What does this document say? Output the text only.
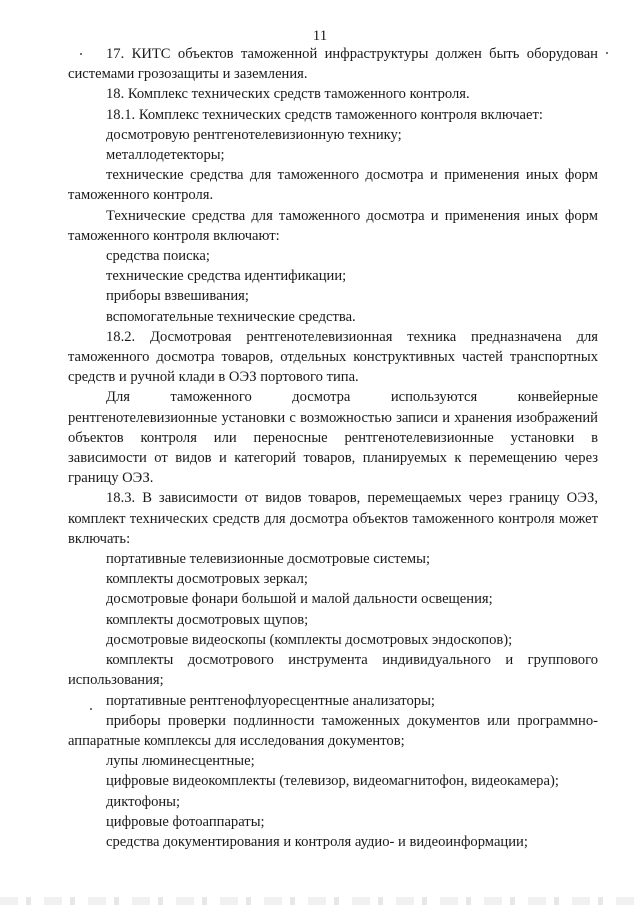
11

17. КИТС объектов таможенной инфраструктуры должен быть оборудован системами грозозащиты и заземления.

18. Комплекс технических средств таможенного контроля.

18.1. Комплекс технических средств таможенного контроля включает:

досмотровую рентгенотелевизионную технику;

металлодетекторы;

технические средства для таможенного досмотра и применения иных форм таможенного контроля.

Технические средства для таможенного досмотра и применения иных форм таможенного контроля включают:

средства поиска;

технические средства идентификации;

приборы взвешивания;

вспомогательные технические средства.

18.2. Досмотровая рентгенотелевизионная техника предназначена для таможенного досмотра товаров, отдельных конструктивных частей транспортных средств и ручной клади в ОЭЗ портового типа.

Для таможенного досмотра используются конвейерные рентгенотелевизионные установки с возможностью записи и хранения изображений объектов контроля или переносные рентгенотелевизионные установки в зависимости от видов и категорий товаров, планируемых к перемещению через границу ОЭЗ.

18.3. В зависимости от видов товаров, перемещаемых через границу ОЭЗ, комплект технических средств для досмотра объектов таможенного контроля может включать:

портативные телевизионные досмотровые системы;

комплекты досмотровых зеркал;

досмотровые фонари большой и малой дальности освещения;

комплекты досмотровых щупов;

досмотровые видеоскопы (комплекты досмотровых эндоскопов);

комплекты досмотрового инструмента индивидуального и группового использования;

портативные рентгенофлуоресцентные анализаторы;

приборы проверки подлинности таможенных документов или программно-аппаратные комплексы для исследования документов;

лупы люминесцентные;

цифровые видеокомплекты (телевизор, видеомагнитофон, видеокамера);

диктофоны;

цифровые фотоаппараты;

средства документирования и контроля аудио- и видеоинформации;
